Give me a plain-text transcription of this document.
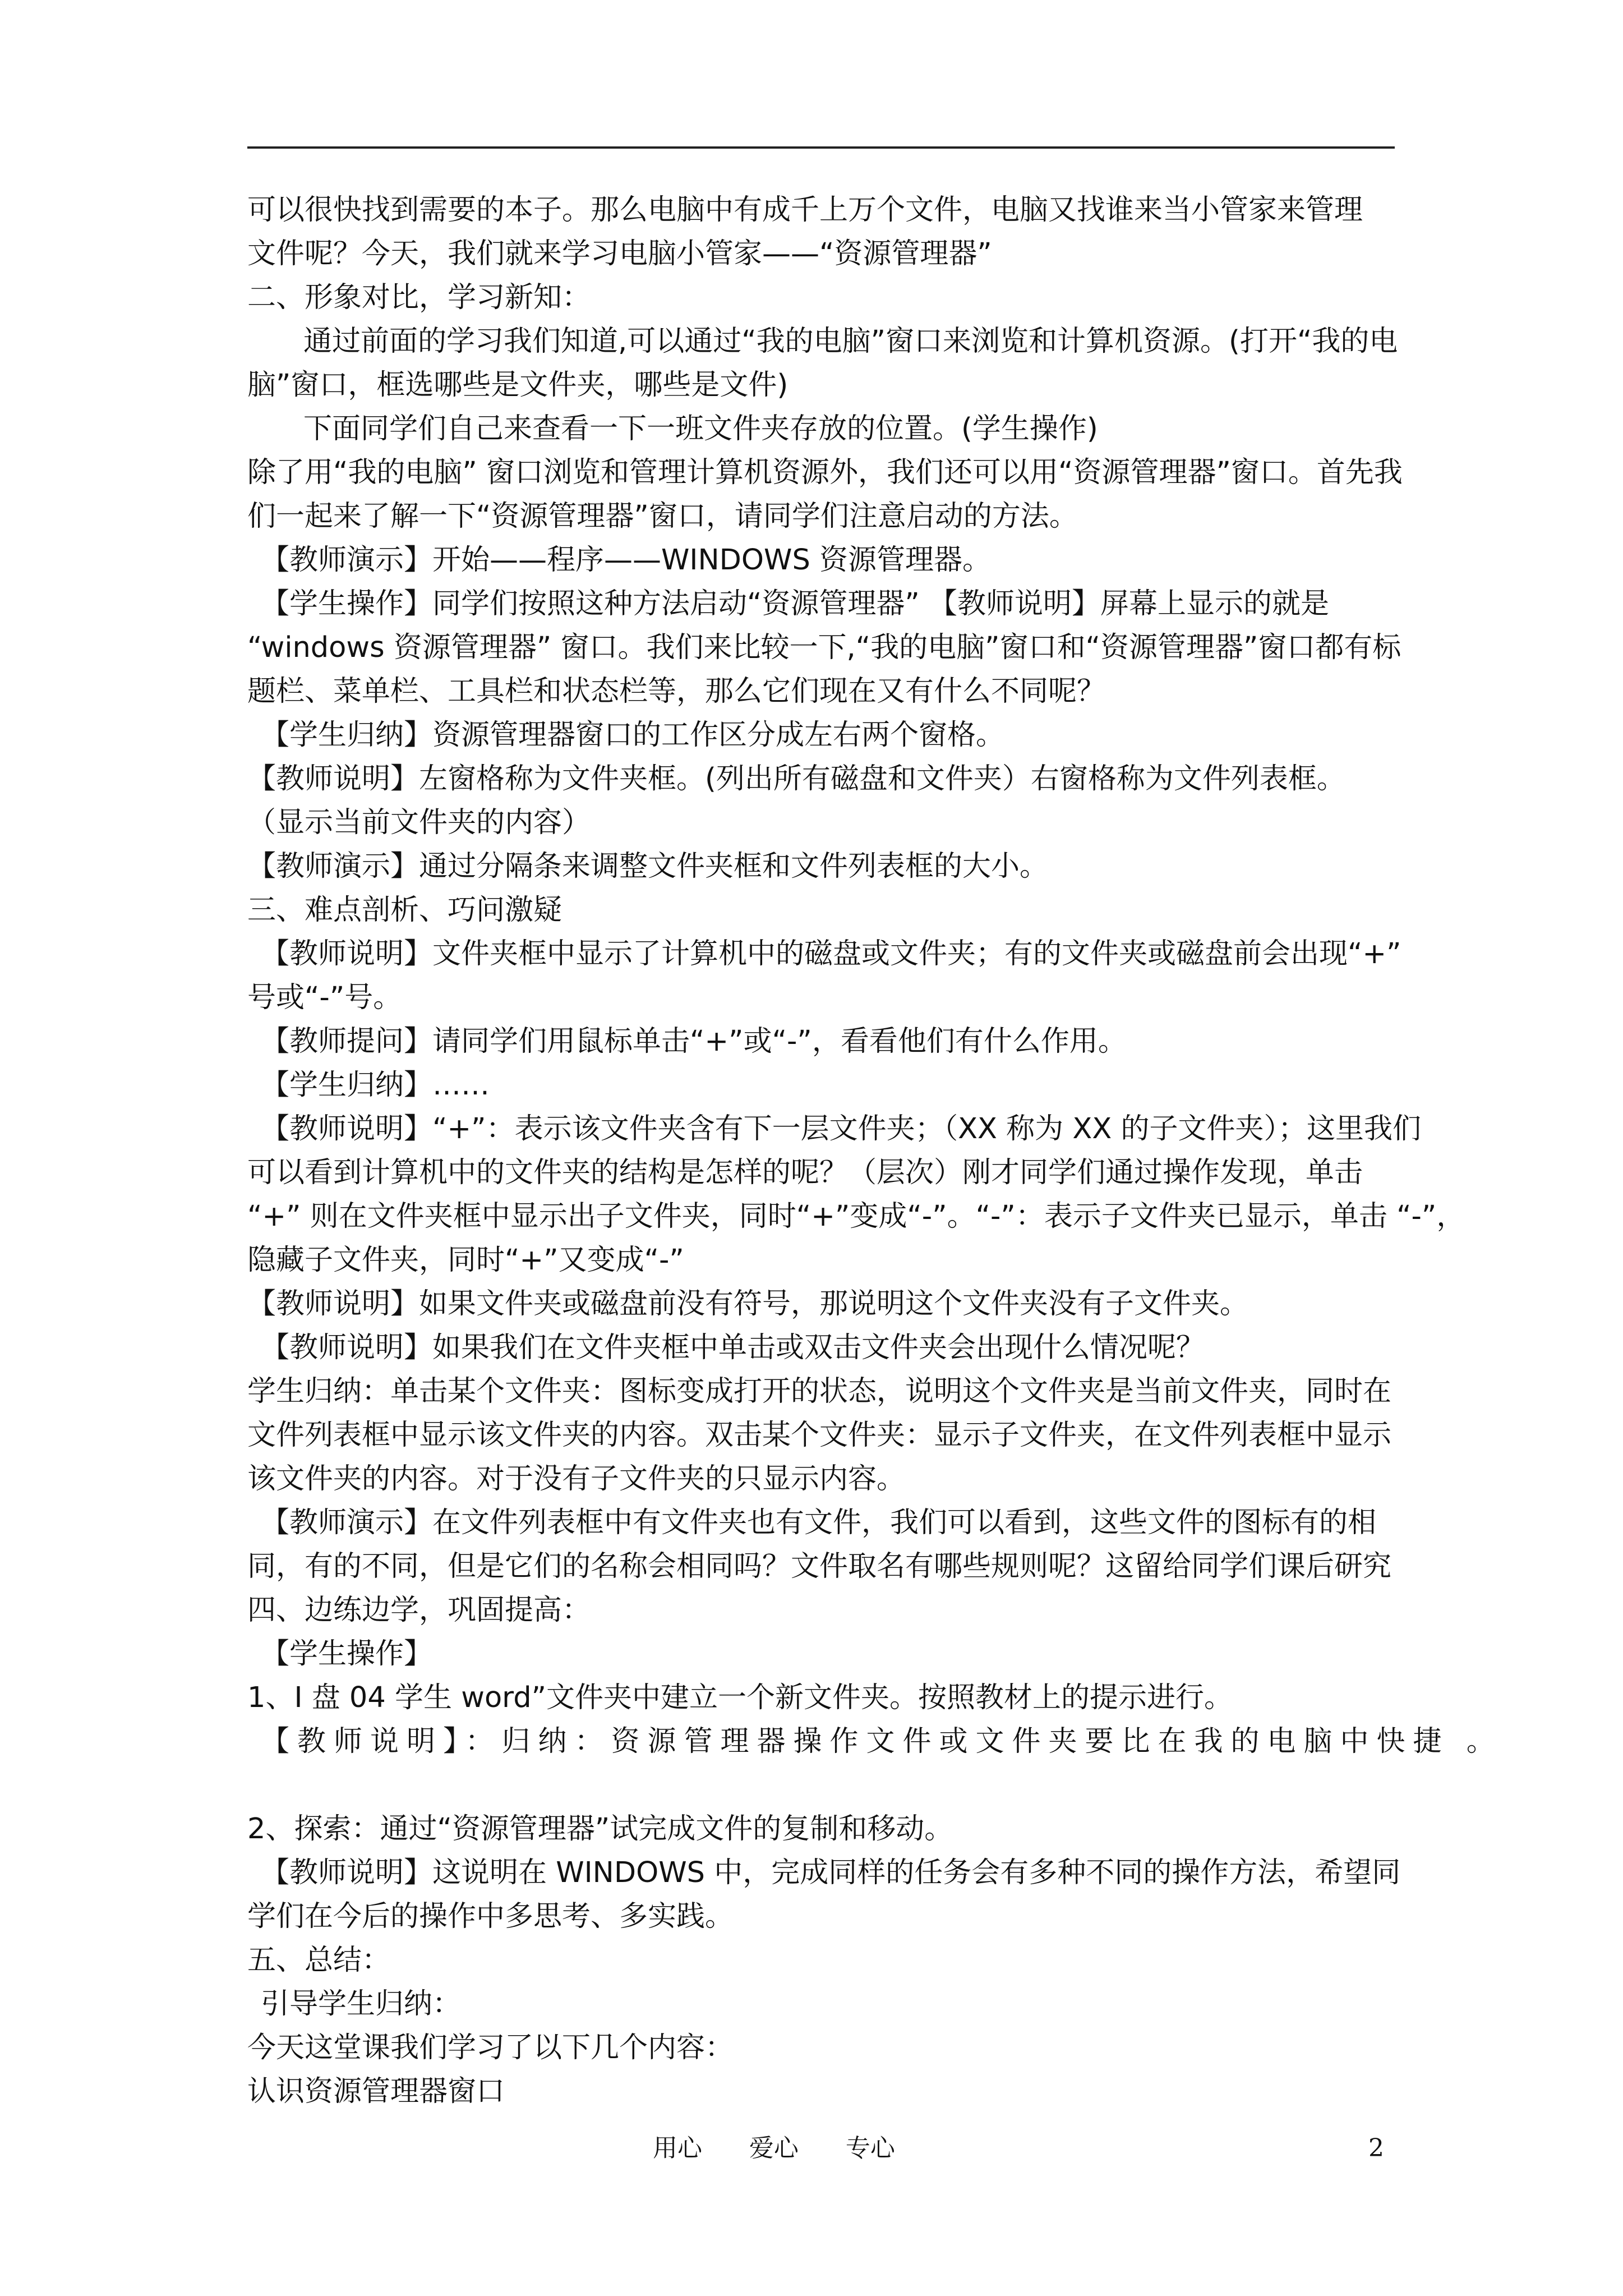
可以很快找到需要的本子。那么电脑中有成千上万个文件，电脑又找谁来当小管家来管理
文件呢？今天，我们就来学习电脑小管家——“资源管理器”
二、形象对比，学习新知：
通过前面的学习我们知道,可以通过“我的电脑”窗口来浏览和计算机资源。(打开“我的电
脑”窗口，框选哪些是文件夹，哪些是文件)
下面同学们自己来查看一下一班文件夹存放的位置。(学生操作)
除了用“我的电脑” 窗口浏览和管理计算机资源外，我们还可以用“资源管理器”窗口。首先我
们一起来了解一下“资源管理器”窗口，请同学们注意启动的方法。
【教师演示】开始——程序——WINDOWS 资源管理器。
【学生操作】同学们按照这种方法启动“资源管理器” 【教师说明】屏幕上显示的就是
“windows 资源管理器” 窗口。我们来比较一下,“我的电脑”窗口和“资源管理器”窗口都有标
题栏、菜单栏、工具栏和状态栏等，那么它们现在又有什么不同呢？
【学生归纳】资源管理器窗口的工作区分成左右两个窗格。
【教师说明】左窗格称为文件夹框。(列出所有磁盘和文件夹）右窗格称为文件列表框。
（显示当前文件夹的内容）
【教师演示】通过分隔条来调整文件夹框和文件列表框的大小。
三、难点剖析、巧问激疑
【教师说明】文件夹框中显示了计算机中的磁盘或文件夹；有的文件夹或磁盘前会出现“+”
号或“-”号。
【教师提问】请同学们用鼠标单击“+”或“-”，看看他们有什么作用。
【学生归纳】……
【教师说明】“+”：表示该文件夹含有下一层文件夹；（XX 称为 XX 的子文件夹）；这里我们
可以看到计算机中的文件夹的结构是怎样的呢？（层次）刚才同学们通过操作发现，单击
“+” 则在文件夹框中显示出子文件夹，同时“+”变成“-”。“-”：表示子文件夹已显示，单击 “-”，
隐藏子文件夹，同时“+”又变成“-”
【教师说明】如果文件夹或磁盘前没有符号，那说明这个文件夹没有子文件夹。
【教师说明】如果我们在文件夹框中单击或双击文件夹会出现什么情况呢？
学生归纳：单击某个文件夹：图标变成打开的状态，说明这个文件夹是当前文件夹，同时在
文件列表框中显示该文件夹的内容。双击某个文件夹：显示子文件夹，在文件列表框中显示
该文件夹的内容。对于没有子文件夹的只显示内容。
【教师演示】在文件列表框中有文件夹也有文件，我们可以看到，这些文件的图标有的相
同，有的不同，但是它们的名称会相同吗？文件取名有哪些规则呢？这留给同学们课后研究
四、边练边学，巩固提高：
【学生操作】
1、I 盘 04 学生 word”文件夹中建立一个新文件夹。按照教材上的提示进行。
【教师说明】：归纳：资源管理器操作文件或文件夹要比在我的电脑中快捷 。
2、探索：通过“资源管理器”试完成文件的复制和移动。
【教师说明】这说明在 WINDOWS 中，完成同样的任务会有多种不同的操作方法，希望同
学们在今后的操作中多思考、多实践。
五、总结：
引导学生归纳：
今天这堂课我们学习了以下几个内容：
认识资源管理器窗口
用心      爱心      专心	2
